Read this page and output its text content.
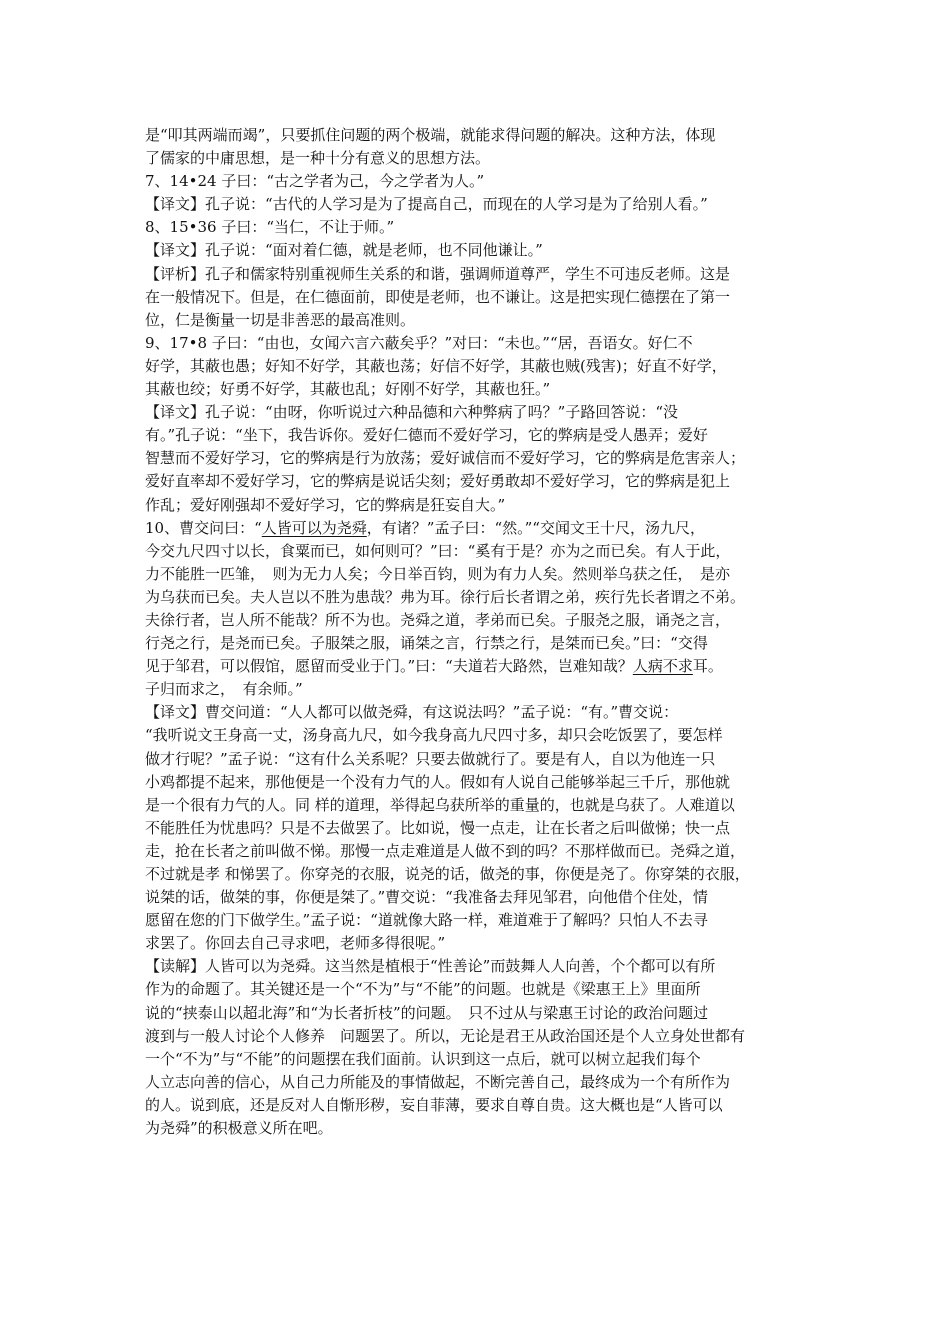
是“叩其两端而竭”，只要抓住问题的两个极端，就能求得问题的解决。这种方法，体现
了儒家的中庸思想，是一种十分有意义的思想方法。
7、14•24 子曰：“古之学者为己，今之学者为人。”
【译文】孔子说：“古代的人学习是为了提高自己，而现在的人学习是为了给别人看。”
8、15•36 子曰：“当仁，不让于师。”
【译文】孔子说：“面对着仁德，就是老师，也不同他谦让。”
【评析】孔子和儒家特别重视师生关系的和谐，强调师道尊严，学生不可违反老师。这是
在一般情况下。但是，在仁德面前，即使是老师，也不谦让。这是把实现仁德摆在了第一
位，仁是衡量一切是非善恶的最高准则。
9、17•8 子曰：“由也，女闻六言六蔽矣乎？”对曰：“未也。”“居，吾语女。好仁不
好学，其蔽也愚；好知不好学，其蔽也荡；好信不好学，其蔽也贼(残害)；好直不好学，
其蔽也绞；好勇不好学，其蔽也乱；好刚不好学，其蔽也狂。”
【译文】孔子说：“由呀，你听说过六种品德和六种弊病了吗？”子路回答说：“没
有。”孔子说：“坐下，我告诉你。爱好仁德而不爱好学习，它的弊病是受人愚弄；爱好
智慧而不爱好学习，它的弊病是行为放荡；爱好诚信而不爱好学习，它的弊病是危害亲人；
爱好直率却不爱好学习，它的弊病是说话尖刻；爱好勇敢却不爱好学习，它的弊病是犯上
作乱；爱好刚强却不爱好学习，它的弊病是狂妄自大。”
10、曹交问曰：“人皆可以为尧舜，有诸？”孟子曰：“然。”“交闻文王十尺，汤九尺，
今交九尺四寸以长，食粟而已，如何则可？”曰：“奚有于是？亦为之而已矣。有人于此，
力不能胜一匹雏，　则为无力人矣；今日举百钧，则为有力人矣。然则举乌获之任，　是亦
为乌获而已矣。夫人岂以不胜为患哉？弗为耳。徐行后长者谓之弟，疾行先长者谓之不弟。
夫徐行者，岂人所不能哉？所不为也。尧舜之道，孝弟而已矣。子服尧之服，诵尧之言，
行尧之行，是尧而已矣。子服桀之服，诵桀之言，行禁之行，是桀而已矣。”曰：“交得
见于邹君，可以假馆，愿留而受业于门。”曰：“夫道若大路然，岂难知哉？人病不求耳。
子归而求之，　有余师。”
【译文】曹交问道：“人人都可以做尧舜，有这说法吗？”孟子说：“有。”曹交说：
“我听说文王身高一丈，汤身高九尺，如今我身高九尺四寸多，却只会吃饭罢了，要怎样
做才行呢？”孟子说：“这有什么关系呢？只要去做就行了。要是有人，自以为他连一只
小鸡都提不起来，那他便是一个没有力气的人。假如有人说自己能够举起三千斤，那他就
是一个很有力气的人。同 样的道理，举得起乌获所举的重量的，也就是乌获了。人难道以
不能胜任为忧患吗？只是不去做罢了。比如说，慢一点走，让在长者之后叫做悌；快一点
走，抢在长者之前叫做不悌。那慢一点走难道是人做不到的吗？不那样做而已。尧舜之道，
不过就是孝 和悌罢了。你穿尧的衣服，说尧的话，做尧的事，你便是尧了。你穿桀的衣服，
说桀的话，做桀的事，你便是桀了。”曹交说：“我准备去拜见邹君，向他借个住处，情
愿留在您的门下做学生。”孟子说：“道就像大路一样，难道难于了解吗？只怕人不去寻
求罢了。你回去自己寻求吧，老师多得很呢。”
【读解】人皆可以为尧舜。这当然是植根于“性善论”而鼓舞人人向善，个个都可以有所
作为的命题了。其关键还是一个“不为”与“不能”的问题。也就是《梁惠王上》里面所
说的“挟泰山以超北海”和“为长者折枝”的问题。　只不过从与梁惠王讨论的政治问题过
渡到与一般人讨论个人修养　问题罢了。所以，无论是君王从政治国还是个人立身处世都有
一个“不为”与“不能”的问题摆在我们面前。认识到这一点后，就可以树立起我们每个
人立志向善的信心，从自己力所能及的事情做起，不断完善自己，最终成为一个有所作为
的人。说到底，还是反对人自惭形秽，妄自菲薄，要求自尊自贵。这大概也是“人皆可以
为尧舜”的积极意义所在吧。
